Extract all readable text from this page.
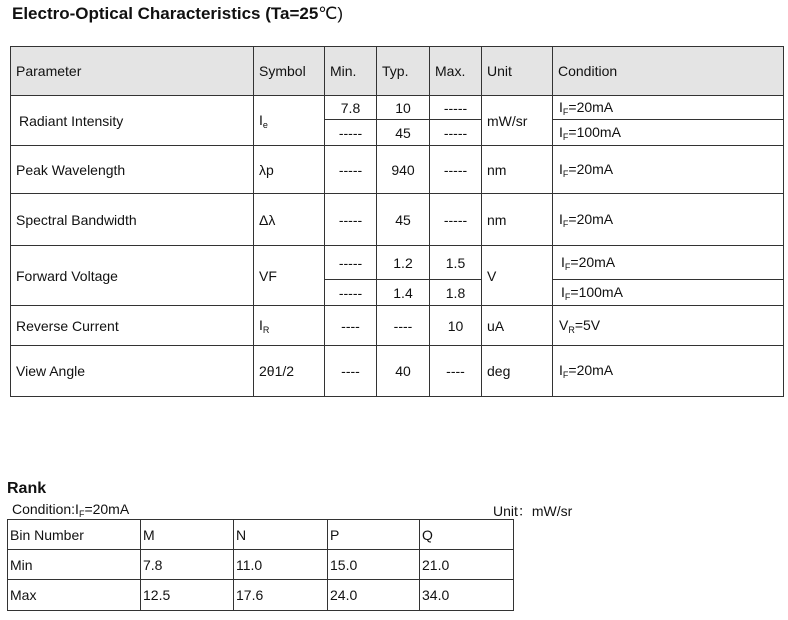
Electro-Optical Characteristics (Ta=25℃)
Parameter	Symbol	Min.	Typ.	Max.	Unit	Condition
Radiant Intensity	$I_e$	7.8	10	-----	mW/sr	$I_F=20mA$
		-----	45	-----		$I_F=100mA$
Peak Wavelength	λp	-----	940	-----	nm	$I_F=20mA$
Spectral Bandwidth	Δλ	-----	45	-----	nm	$I_F=20mA$
Forward Voltage	VF	-----	1.2	1.5	V	$I_F=20mA$
		-----	1.4	1.8		$I_F=100mA$
Reverse Current	$I_R$	----	----	10	uA	$V_R=5V$
View Angle	2θ1/2	----	40	----	deg	$I_F=20mA$
Rank
$Condition:I_F=20mA$	Unit：mW/sr
Bin Number	M	N	P	Q
Min	7.8	11.0	15.0	21.0
Max	12.5	17.6	24.0	34.0
